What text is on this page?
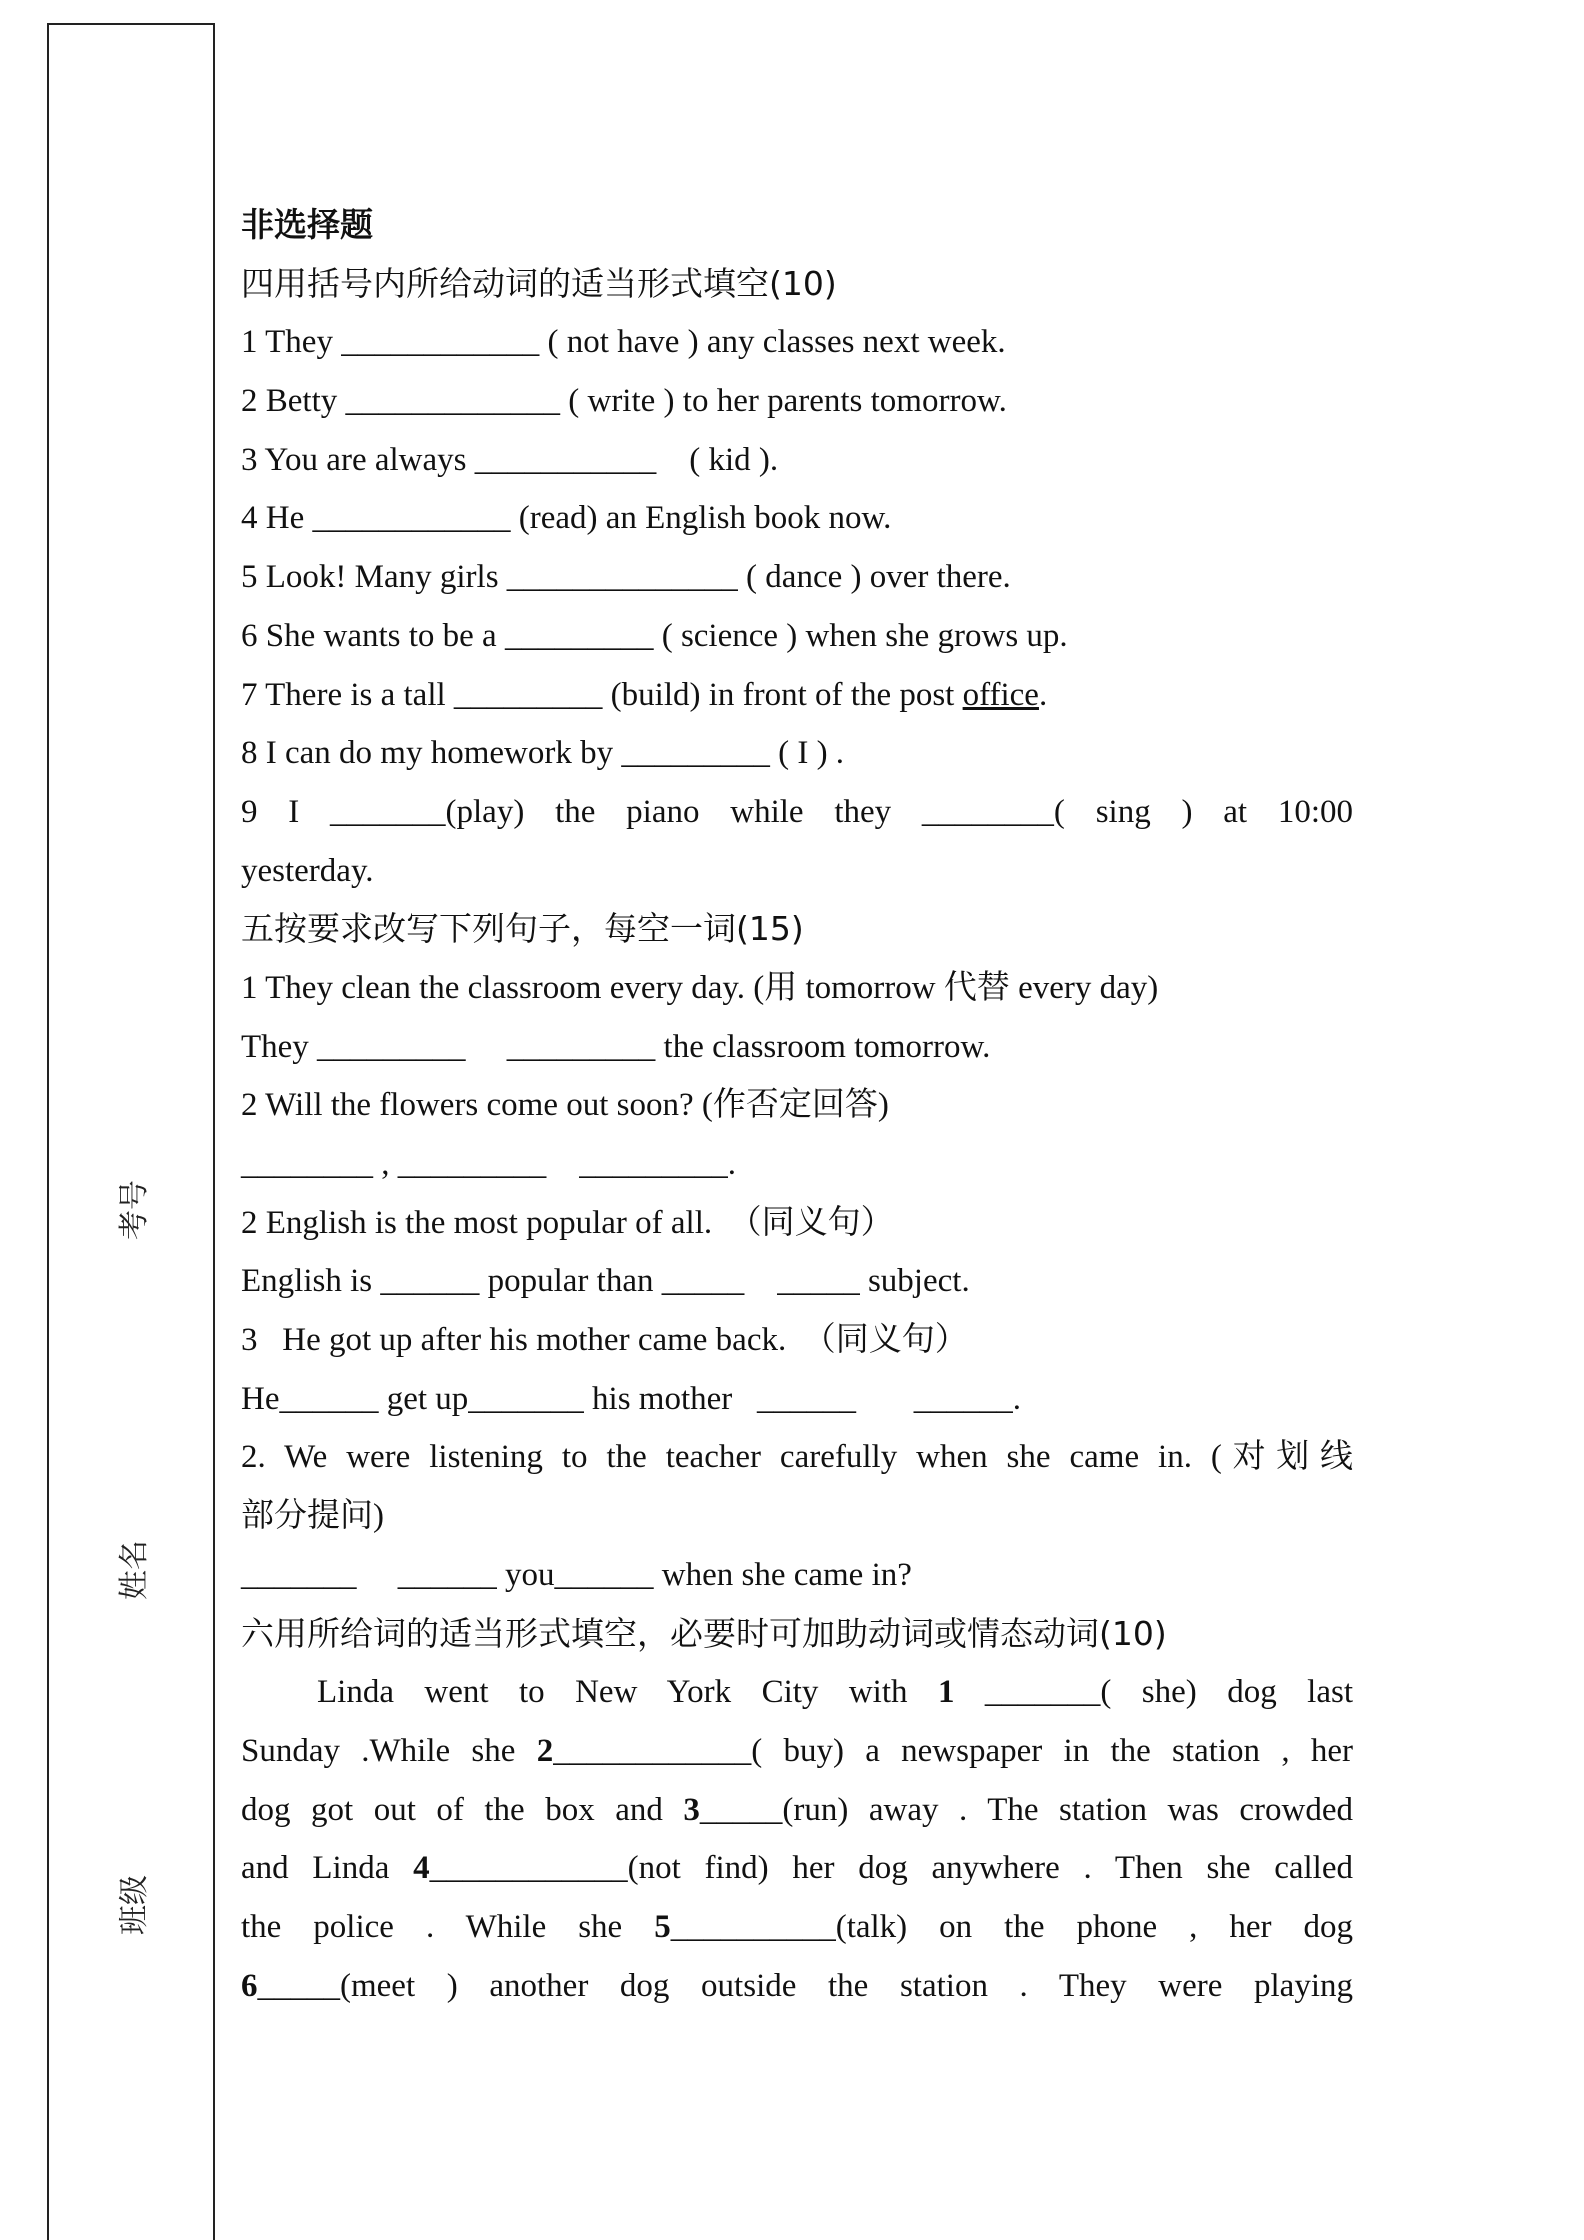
考号
姓名
班级
非选择题
四用括号内所给动词的适当形式填空(10)
1 They ____________ ( not have ) any classes next week.
2 Betty _____________ ( write ) to her parents tomorrow.
3 You are always ___________    ( kid ).
4 He ____________ (read) an English book now.
5 Look! Many girls ______________ ( dance ) over there.
6 She wants to be a _________ ( science ) when she grows up.
7 There is a tall _________ (build) in front of the post office.
8 I can do my homework by _________ ( I ) .
9 I _______(play) the piano while they ________( sing ) at 10:00
yesterday.
五按要求改写下列句子，每空一词(15)
1 They clean the classroom every day. (用 tomorrow 代替 every day)
They _________     _________ the classroom tomorrow.
2 Will the flowers come out soon? (作否定回答)
________ , _________    _________.
2 English is the most popular of all.  （同义句）
English is ______ popular than _____    _____ subject.
3   He got up after his mother came back.  （同义句）
He______ get up_______ his mother   ______       ______.
2. We were listening to the teacher carefully when she came in. (对划线
部分提问)
_______     ______ you______ when she came in?
六用所给词的适当形式填空，必要时可加助动词或情态动词(10)
Linda went to New York City with 1 _______( she) dog last
Sunday .While she 2____________( buy) a newspaper in the station , her
dog got out of the box and 3_____(run) away . The station was crowded
and Linda 4____________(not find) her dog anywhere . Then she called
the police . While she 5__________(talk) on the phone , her dog
6_____(meet ) another dog outside the station . They were playing
